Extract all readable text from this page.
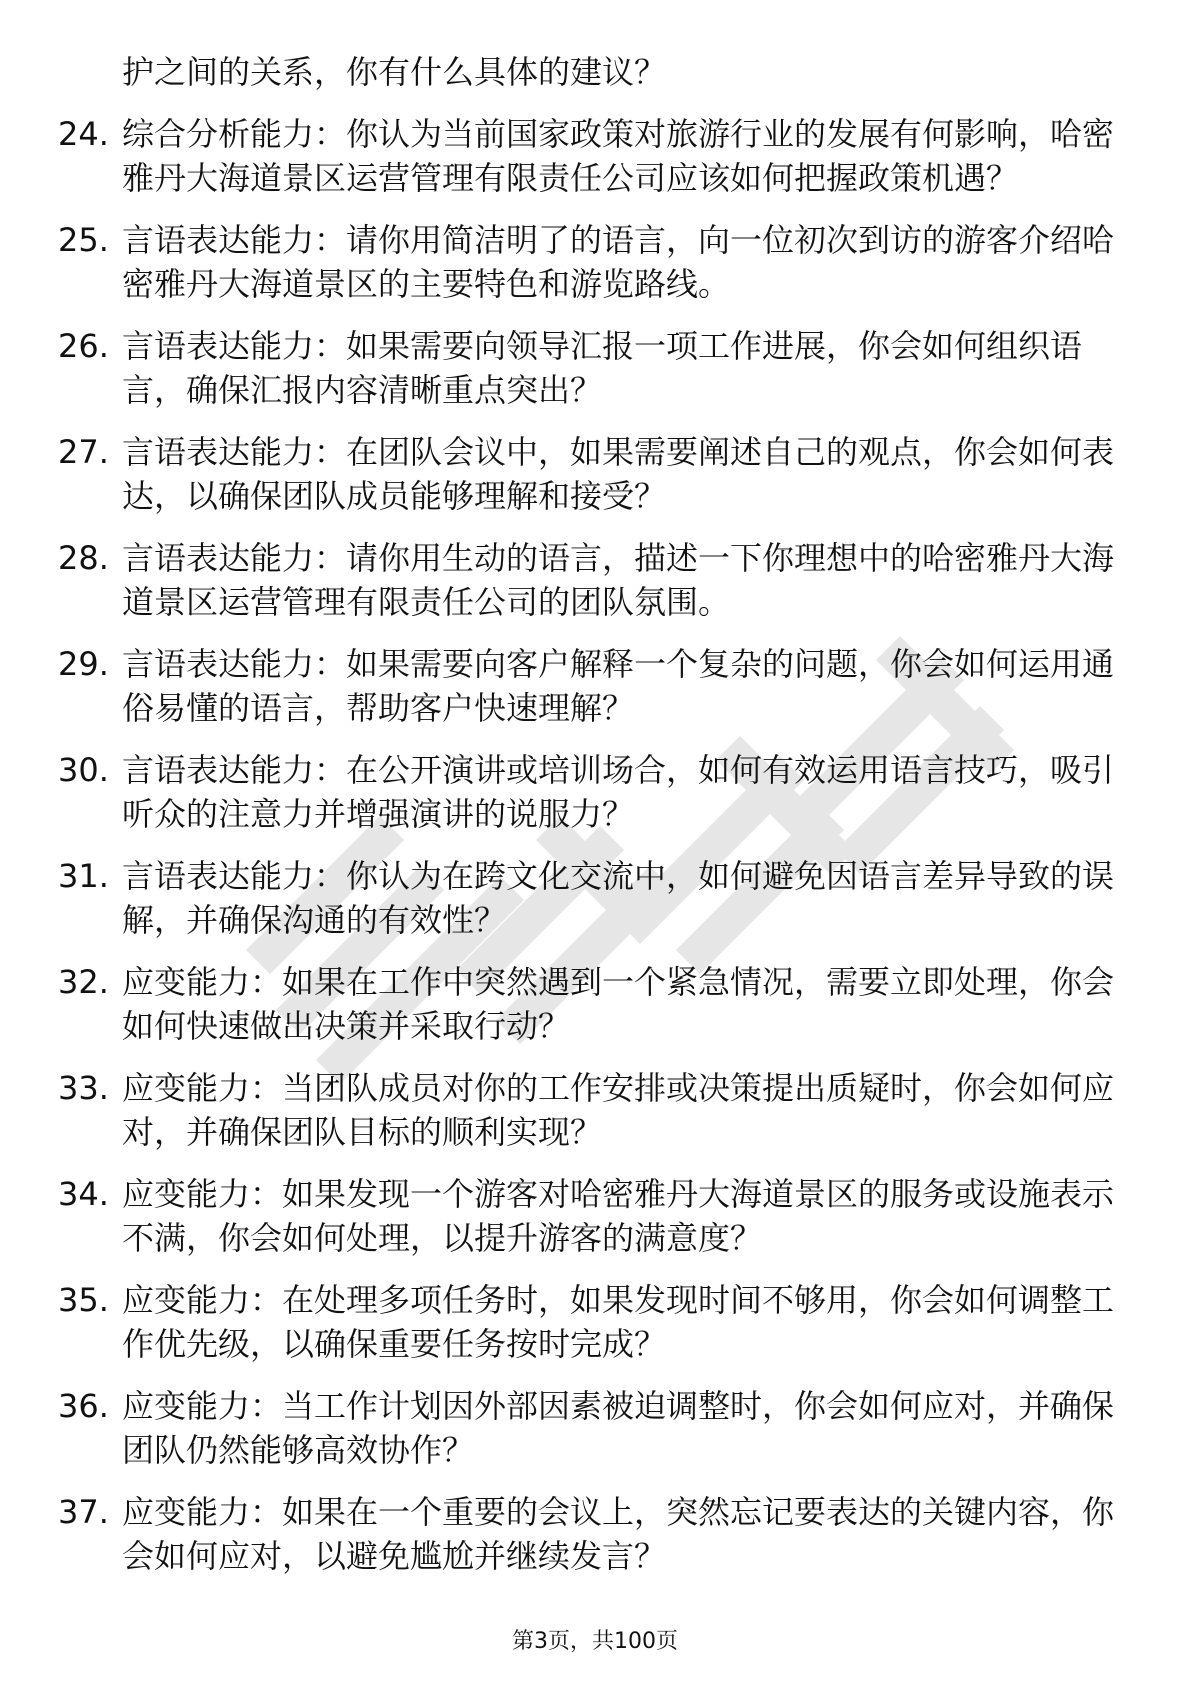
护之间的关系，你有什么具体的建议？
24. 综合分析能力：你认为当前国家政策对旅游行业的发展有何影响，哈密雅丹大海道景区运营管理有限责任公司应该如何把握政策机遇？
25. 言语表达能力：请你用简洁明了的语言，向一位初次到访的游客介绍哈密雅丹大海道景区的主要特色和游览路线。
26. 言语表达能力：如果需要向领导汇报一项工作进展，你会如何组织语言，确保汇报内容清晰重点突出？
27. 言语表达能力：在团队会议中，如果需要阐述自己的观点，你会如何表达，以确保团队成员能够理解和接受？
28. 言语表达能力：请你用生动的语言，描述一下你理想中的哈密雅丹大海道景区运营管理有限责任公司的团队氛围。
29. 言语表达能力：如果需要向客户解释一个复杂的问题，你会如何运用通俗易懂的语言，帮助客户快速理解？
30. 言语表达能力：在公开演讲或培训场合，如何有效运用语言技巧，吸引听众的注意力并增强演讲的说服力？
31. 言语表达能力：你认为在跨文化交流中，如何避免因语言差异导致的误解，并确保沟通的有效性？
32. 应变能力：如果在工作中突然遇到一个紧急情况，需要立即处理，你会如何快速做出决策并采取行动？
33. 应变能力：当团队成员对你的工作安排或决策提出质疑时，你会如何应对，并确保团队目标的顺利实现？
34. 应变能力：如果发现一个游客对哈密雅丹大海道景区的服务或设施表示不满，你会如何处理，以提升游客的满意度？
35. 应变能力：在处理多项任务时，如果发现时间不够用，你会如何调整工作优先级，以确保重要任务按时完成？
36. 应变能力：当工作计划因外部因素被迫调整时，你会如何应对，并确保团队仍然能够高效协作？
37. 应变能力：如果在一个重要的会议上，突然忘记要表达的关键内容，你会如何应对，以避免尴尬并继续发言？
第3页，共100页
